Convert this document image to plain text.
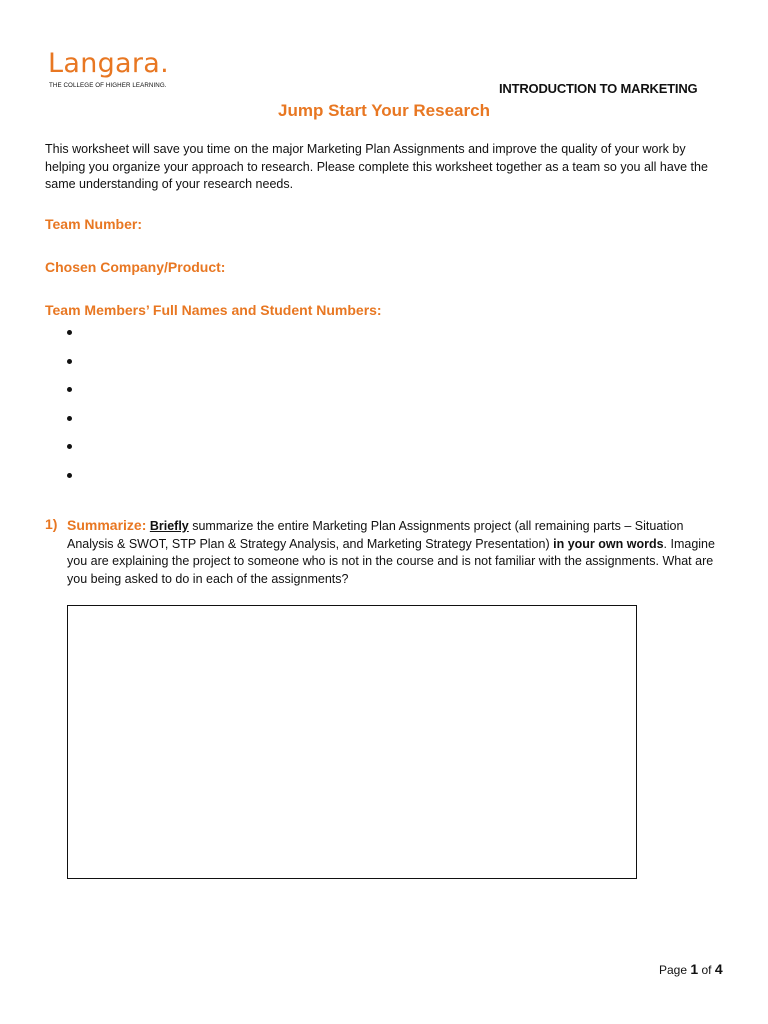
Langara.
THE COLLEGE OF HIGHER LEARNING.	INTRODUCTION TO MARKETING
Jump Start Your Research
This worksheet will save you time on the major Marketing Plan Assignments and improve the quality of your work by helping you organize your approach to research. Please complete this worksheet together as a team so you all have the same understanding of your research needs.
Team Number:
Chosen Company/Product:
Team Members’ Full Names and Student Numbers:
1) Summarize: Briefly summarize the entire Marketing Plan Assignments project (all remaining parts – Situation Analysis & SWOT, STP Plan & Strategy Analysis, and Marketing Strategy Presentation) in your own words. Imagine you are explaining the project to someone who is not in the course and is not familiar with the assignments. What are you being asked to do in each of the assignments?
Page 1 of 4
